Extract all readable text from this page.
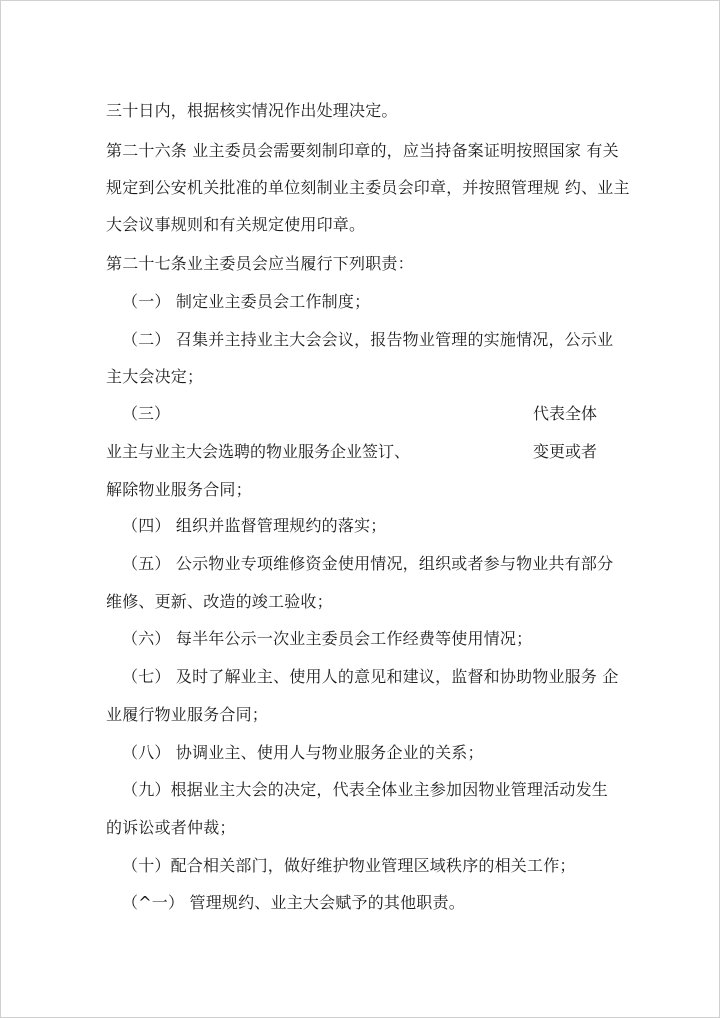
三十日内，根据核实情况作出处理决定。
第二十六条 业主委员会需要刻制印章的，应当持备案证明按照国家 有关
规定到公安机关批准的单位刻制业主委员会印章，并按照管理规 约、业主
大会议事规则和有关规定使用印章。
第二十七条业主委员会应当履行下列职责：
（一） 制定业主委员会工作制度；
（二） 召集并主持业主大会会议，报告物业管理的实施情况，公示业
主大会决定；
（三）	代表全体
业主与业主大会选聘的物业服务企业签订、	变更或者
解除物业服务合同；
（四） 组织并监督管理规约的落实；
（五） 公示物业专项维修资金使用情况，组织或者参与物业共有部分
维修、更新、改造的竣工验收；
（六） 每半年公示一次业主委员会工作经费等使用情况；
（七） 及时了解业主、使用人的意见和建议，监督和协助物业服务 企
业履行物业服务合同；
（八） 协调业主、使用人与物业服务企业的关系；
（九）根据业主大会的决定，代表全体业主参加因物业管理活动发生
的诉讼或者仲裁；
（十）配合相关部门，做好维护物业管理区域秩序的相关工作；
（^一） 管理规约、业主大会赋予的其他职责。
